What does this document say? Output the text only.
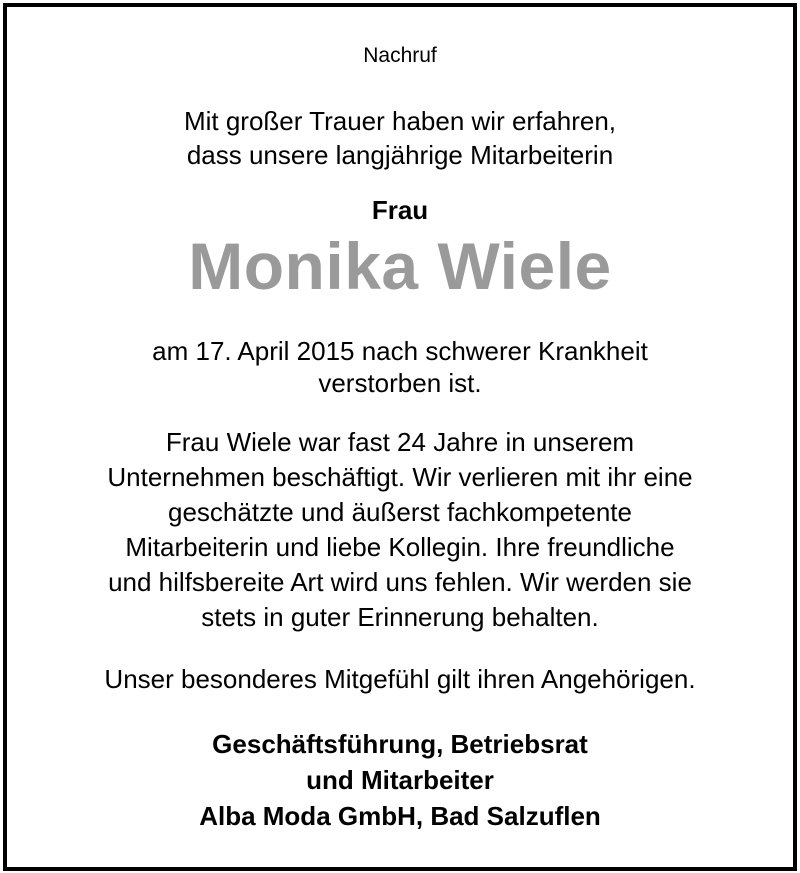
Nachruf

Mit großer Trauer haben wir erfahren,

dass unsere langjährige Mitarbeiterin

Frau

Monika Wiele

am 17. April 2015 nach schwerer Krankheit

verstorben ist.

Frau Wiele war fast 24 Jahre in unserem

Unternehmen beschäftigt. Wir verlieren mit ihr eine

geschätzte und äußerst fachkompetente

Mitarbeiterin und liebe Kollegin. Ihre freundliche

und hilfsbereite Art wird uns fehlen. Wir werden sie

stets in guter Erinnerung behalten.

Unser besonderes Mitgefühl gilt ihren Angehörigen.

Geschäftsführung, Betriebsrat

und Mitarbeiter

Alba Moda GmbH, Bad Salzuflen
